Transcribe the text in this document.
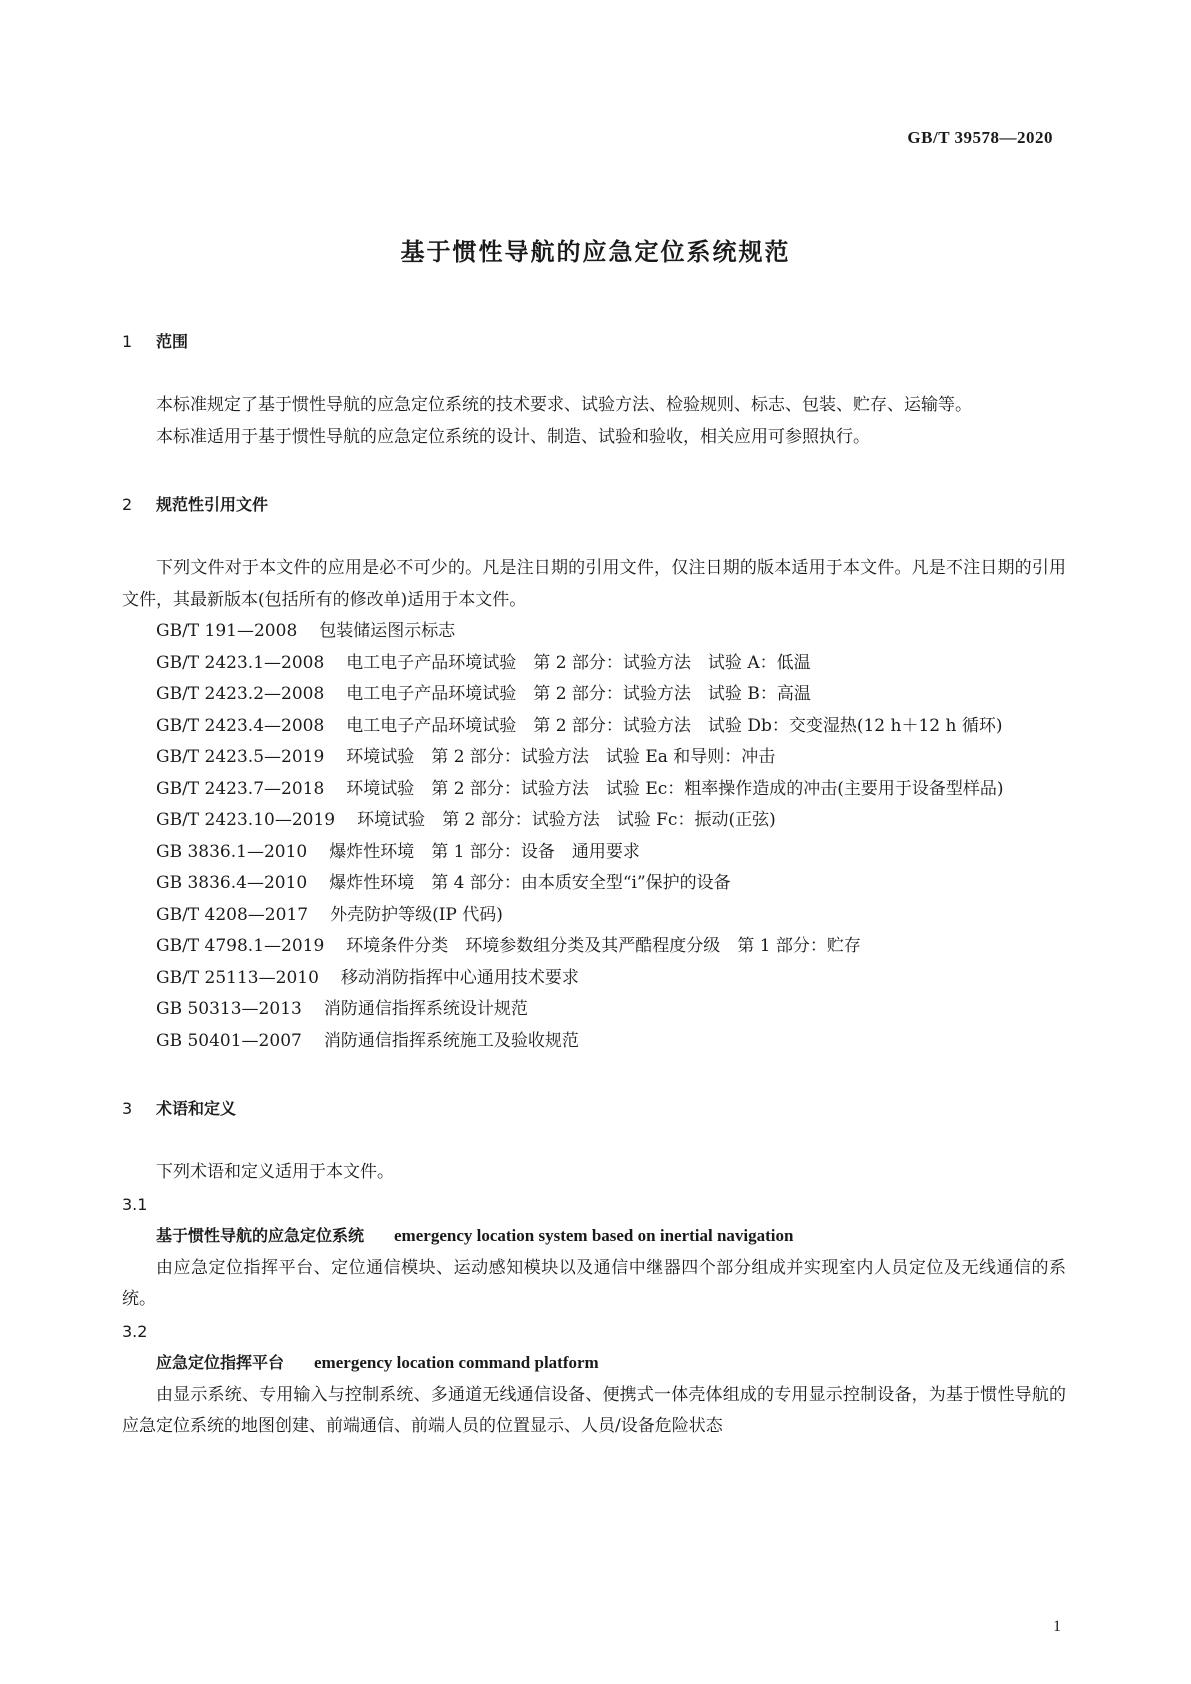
GB/T 39578—2020
基于惯性导航的应急定位系统规范
1 范围

本标准规定了基于惯性导航的应急定位系统的技术要求、试验方法、检验规则、标志、包装、贮存、运输等。

本标准适用于基于惯性导航的应急定位系统的设计、制造、试验和验收，相关应用可参照执行。

2 规范性引用文件

下列文件对于本文件的应用是必不可少的。凡是注日期的引用文件，仅注日期的版本适用于本文件。凡是不注日期的引用文件，其最新版本(包括所有的修改单)适用于本文件。

GB/T 191—2008 包装储运图示标志

GB/T 2423.1—2008 电工电子产品环境试验　第 2 部分：试验方法　试验 A：低温

GB/T 2423.2—2008 电工电子产品环境试验　第 2 部分：试验方法　试验 B：高温

GB/T 2423.4—2008 电工电子产品环境试验　第 2 部分：试验方法　试验 Db：交变湿热(12 h＋12 h 循环)

GB/T 2423.5—2019 环境试验　第 2 部分：试验方法　试验 Ea 和导则：冲击

GB/T 2423.7—2018 环境试验　第 2 部分：试验方法　试验 Ec：粗率操作造成的冲击(主要用于设备型样品)

GB/T 2423.10—2019 环境试验　第 2 部分：试验方法　试验 Fc：振动(正弦)

GB 3836.1—2010 爆炸性环境　第 1 部分：设备　通用要求

GB 3836.4—2010 爆炸性环境　第 4 部分：由本质安全型“i”保护的设备

GB/T 4208—2017 外壳防护等级(IP 代码)

GB/T 4798.1—2019 环境条件分类　环境参数组分类及其严酷程度分级　第 1 部分：贮存

GB/T 25113—2010 移动消防指挥中心通用技术要求

GB 50313—2013 消防通信指挥系统设计规范

GB 50401—2007 消防通信指挥系统施工及验收规范

3 术语和定义

下列术语和定义适用于本文件。

3.1

基于惯性导航的应急定位系统 emergency location system based on inertial navigation

由应急定位指挥平台、定位通信模块、运动感知模块以及通信中继器四个部分组成并实现室内人员定位及无线通信的系统。

3.2

应急定位指挥平台 emergency location command platform

由显示系统、专用输入与控制系统、多通道无线通信设备、便携式一体壳体组成的专用显示控制设备，为基于惯性导航的应急定位系统的地图创建、前端通信、前端人员的位置显示、人员/设备危险状态

1
